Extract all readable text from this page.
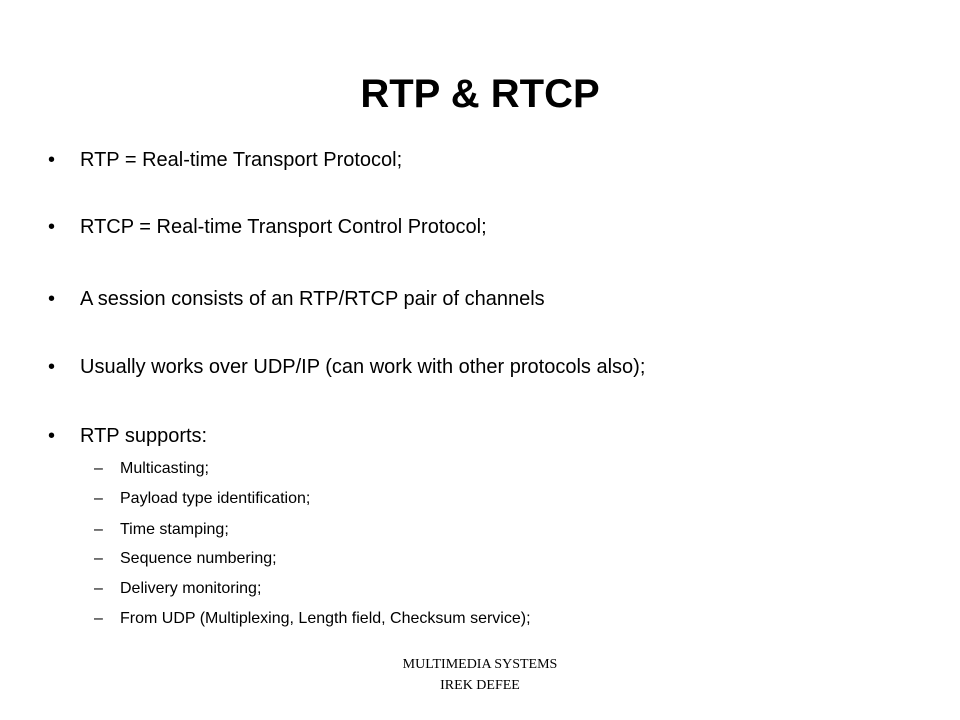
RTP & RTCP
• RTP = Real-time Transport Protocol;
• RTCP = Real-time Transport Control Protocol;
• A session consists of an RTP/RTCP pair of channels
• Usually works over UDP/IP (can work with other protocols also);
• RTP supports:
– Multicasting;
– Payload type identification;
– Time stamping;
– Sequence numbering;
– Delivery monitoring;
– From UDP (Multiplexing, Length field, Checksum service);
MULTIMEDIA SYSTEMS
IREK DEFEE
